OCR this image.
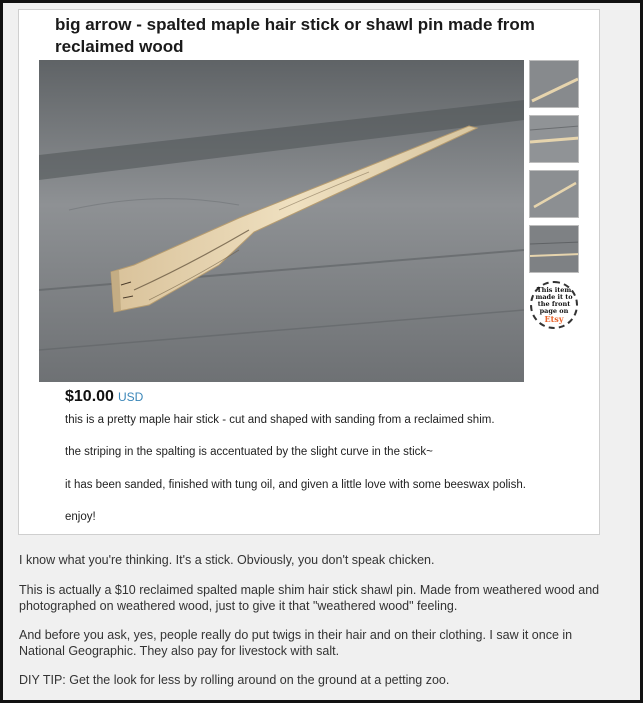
big arrow - spalted maple hair stick or shawl pin made from reclaimed wood
This item
made it to
the front
page on
Etsy
$10.00 USD

this is a pretty maple hair stick - cut and shaped with sanding from a reclaimed shim.

the striping in the spalting is accentuated by the slight curve in the stick~

it has been sanded, finished with tung oil, and given a little love with some beeswax polish.

enjoy!

I know what you're thinking. It's a stick. Obviously, you don't speak chicken.

This is actually a $10 reclaimed spalted maple shim hair stick shawl pin. Made from weathered wood and photographed on weathered wood, just to give it that "weathered wood" feeling.

And before you ask, yes, people really do put twigs in their hair and on their clothing. I saw it once in National Geographic. They also pay for livestock with salt.

DIY TIP: Get the look for less by rolling around on the ground at a petting zoo.
